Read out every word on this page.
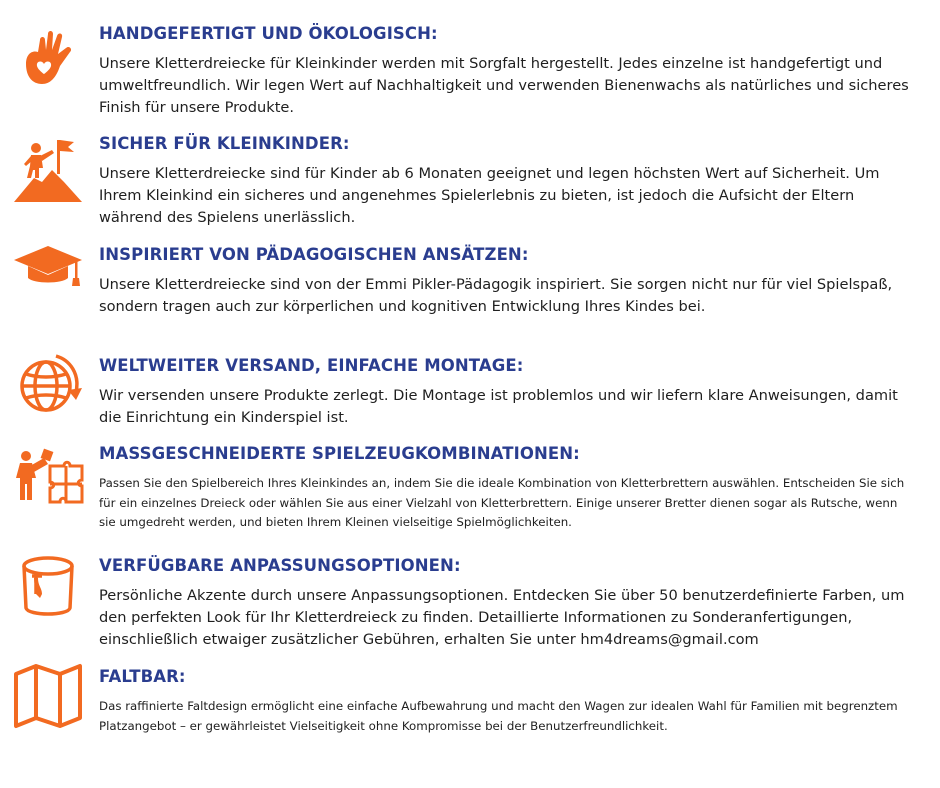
HANDGEFERTIGT UND ÖKOLOGISCH:

Unsere Kletterdreiecke für Kleinkinder werden mit Sorgfalt hergestellt. Jedes einzelne ist handgefertigt und umweltfreundlich. Wir legen Wert auf Nachhaltigkeit und verwenden Bienenwachs als natürliches und sicheres Finish für unsere Produkte.

SICHER FÜR KLEINKINDER:

Unsere Kletterdreiecke sind für Kinder ab 6 Monaten geeignet und legen höchsten Wert auf Sicherheit. Um Ihrem Kleinkind ein sicheres und angenehmes Spielerlebnis zu bieten, ist jedoch die Aufsicht der Eltern während des Spielens unerlässlich.

INSPIRIERT VON PÄDAGOGISCHEN ANSÄTZEN:

Unsere Kletterdreiecke sind von der Emmi Pikler-Pädagogik inspiriert. Sie sorgen nicht nur für viel Spielspaß, sondern tragen auch zur körperlichen und kognitiven Entwicklung Ihres Kindes bei.

WELTWEITER VERSAND, EINFACHE MONTAGE:

Wir versenden unsere Produkte zerlegt. Die Montage ist problemlos und wir liefern klare Anweisungen, damit die Einrichtung ein Kinderspiel ist.

MASSGESCHNEIDERTE SPIELZEUGKOMBINATIONEN:

Passen Sie den Spielbereich Ihres Kleinkindes an, indem Sie die ideale Kombination von Kletterbrettern auswählen. Entscheiden Sie sich für ein einzelnes Dreieck oder wählen Sie aus einer Vielzahl von Kletterbrettern. Einige unserer Bretter dienen sogar als Rutsche, wenn sie umgedreht werden, und bieten Ihrem Kleinen vielseitige Spielmöglichkeiten.

VERFÜGBARE ANPASSUNGSOPTIONEN:

Persönliche Akzente durch unsere Anpassungsoptionen. Entdecken Sie über 50 benutzerdefinierte Farben, um den perfekten Look für Ihr Kletterdreieck zu finden. Detaillierte Informationen zu Sonderanfertigungen, einschließlich etwaiger zusätzlicher Gebühren, erhalten Sie unter hm4dreams@gmail.com

FALTBAR:

Das raffinierte Faltdesign ermöglicht eine einfache Aufbewahrung und macht den Wagen zur idealen Wahl für Familien mit begrenztem Platzangebot – er gewährleistet Vielseitigkeit ohne Kompromisse bei der Benutzerfreundlichkeit.
